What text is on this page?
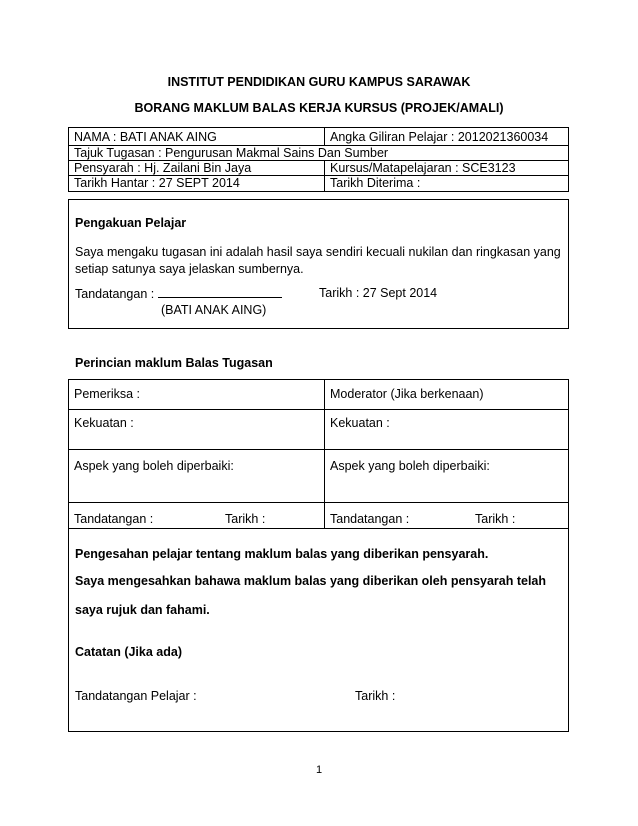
INSTITUT PENDIDIKAN GURU KAMPUS SARAWAK
BORANG MAKLUM BALAS KERJA KURSUS (PROJEK/AMALI)
NAMA : BATI ANAK AING	Angka Giliran Pelajar : 2012021360034
Tajuk Tugasan : Pengurusan Makmal Sains Dan Sumber	
Pensyarah : Hj. Zailani Bin Jaya	Kursus/Matapelajaran : SCE3123
Tarikh Hantar : 27 SEPT 2014	Tarikh Diterima :
Pengakuan Pelajar
Saya mengaku tugasan ini adalah hasil saya sendiri kecuali nukilan dan ringkasan yang setiap satunya saya jelaskan sumbernya.
Tandatangan :	Tarikh : 27 Sept 2014
(BATI ANAK AING)
Perincian maklum Balas Tugasan
Pemeriksa :	Moderator (Jika berkenaan)
Kekuatan :	Kekuatan :
Aspek yang boleh diperbaiki:	Aspek yang boleh diperbaiki:
Tandatangan : Tarikh :	Tandatangan : Tarikh :
Pengesahan pelajar tentang maklum balas yang diberikan pensyarah.
Saya mengesahkan bahawa maklum balas yang diberikan oleh pensyarah telah
saya rujuk dan fahami.
Catatan (Jika ada)
Tandatangan Pelajar :	Tarikh :
1
